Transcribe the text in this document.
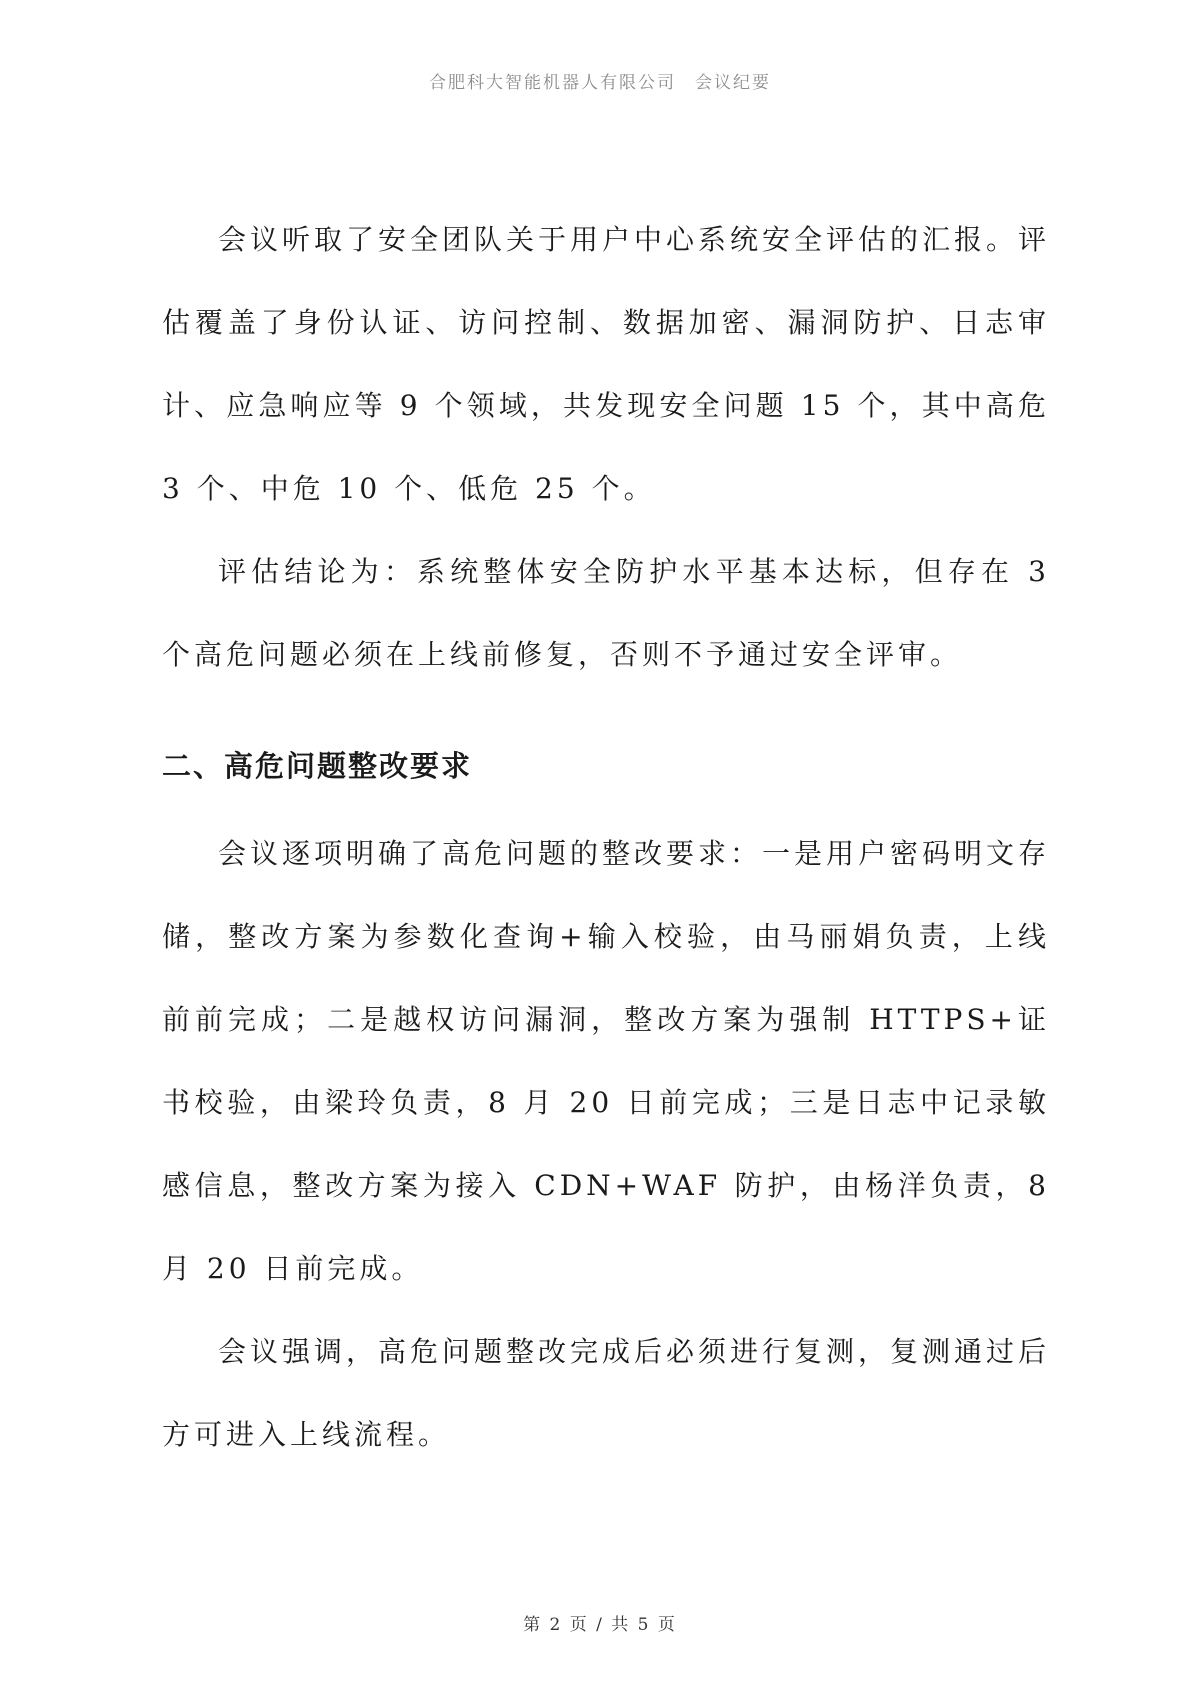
合肥科大智能机器人有限公司　会议纪要

会议听取了安全团队关于用户中心系统安全评估的汇报。评估覆盖了身份认证、访问控制、数据加密、漏洞防护、日志审计、应急响应等 9 个领域，共发现安全问题 15 个，其中高危 3 个、中危 10 个、低危 25 个。

评估结论为：系统整体安全防护水平基本达标，但存在 3 个高危问题必须在上线前修复，否则不予通过安全评审。

二、高危问题整改要求

会议逐项明确了高危问题的整改要求：一是用户密码明文存储，整改方案为参数化查询+输入校验，由马丽娟负责，上线前前完成；二是越权访问漏洞，整改方案为强制 HTTPS+证书校验，由梁玲负责，8 月 20 日前完成；三是日志中记录敏感信息，整改方案为接入 CDN+WAF 防护，由杨洋负责，8 月 20 日前完成。

会议强调，高危问题整改完成后必须进行复测，复测通过后方可进入上线流程。

第 2 页 / 共 5 页
